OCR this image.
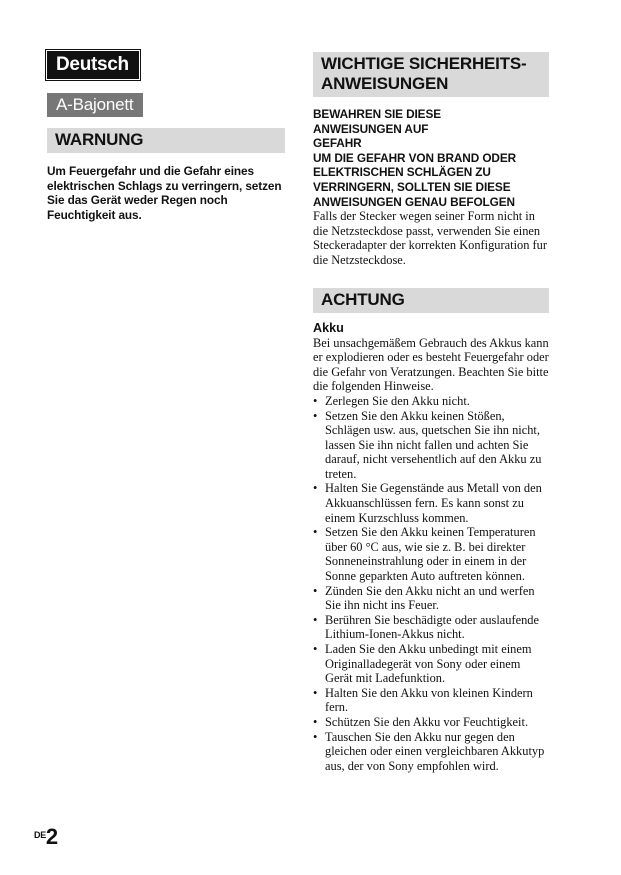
Deutsch
A-Bajonett
WARNUNG
Um Feuergefahr und die Gefahr eines elektrischen Schlags zu verringern, setzen Sie das Gerät weder Regen noch Feuchtigkeit aus.
WICHTIGE SICHERHEITS-
ANWEISUNGEN
BEWAHREN SIE DIESE
ANWEISUNGEN AUF
GEFAHR
UM DIE GEFAHR VON BRAND ODER
ELEKTRISCHEN SCHLÄGEN ZU
VERRINGERN, SOLLTEN SIE DIESE
ANWEISUNGEN GENAU BEFOLGEN
Falls der Stecker wegen seiner Form nicht in die Netzsteckdose passt, verwenden Sie einen Steckeradapter der korrekten Konfiguration fur die Netzsteckdose.
ACHTUNG
Akku
Bei unsachgemäßem Gebrauch des Akkus kann er explodieren oder es besteht Feuergefahr oder die Gefahr von Veratzungen. Beachten Sie bitte die folgenden Hinweise.
• Zerlegen Sie den Akku nicht.
• Setzen Sie den Akku keinen Stößen, Schlägen usw. aus, quetschen Sie ihn nicht, lassen Sie ihn nicht fallen und achten Sie darauf, nicht versehentlich auf den Akku zu treten.
• Halten Sie Gegenstände aus Metall von den Akkuanschlüssen fern. Es kann sonst zu einem Kurzschluss kommen.
• Setzen Sie den Akku keinen Temperaturen über 60 °C aus, wie sie z. B. bei direkter Sonneneinstrahlung oder in einem in der Sonne geparkten Auto auftreten können.
• Zünden Sie den Akku nicht an und werfen Sie ihn nicht ins Feuer.
• Berühren Sie beschädigte oder auslaufende Lithium-Ionen-Akkus nicht.
• Laden Sie den Akku unbedingt mit einem Originalladegerät von Sony oder einem Gerät mit Ladefunktion.
• Halten Sie den Akku von kleinen Kindern fern.
• Schützen Sie den Akku vor Feuchtigkeit.
• Tauschen Sie den Akku nur gegen den gleichen oder einen vergleichbaren Akkutyp aus, der von Sony empfohlen wird.
DE 2
